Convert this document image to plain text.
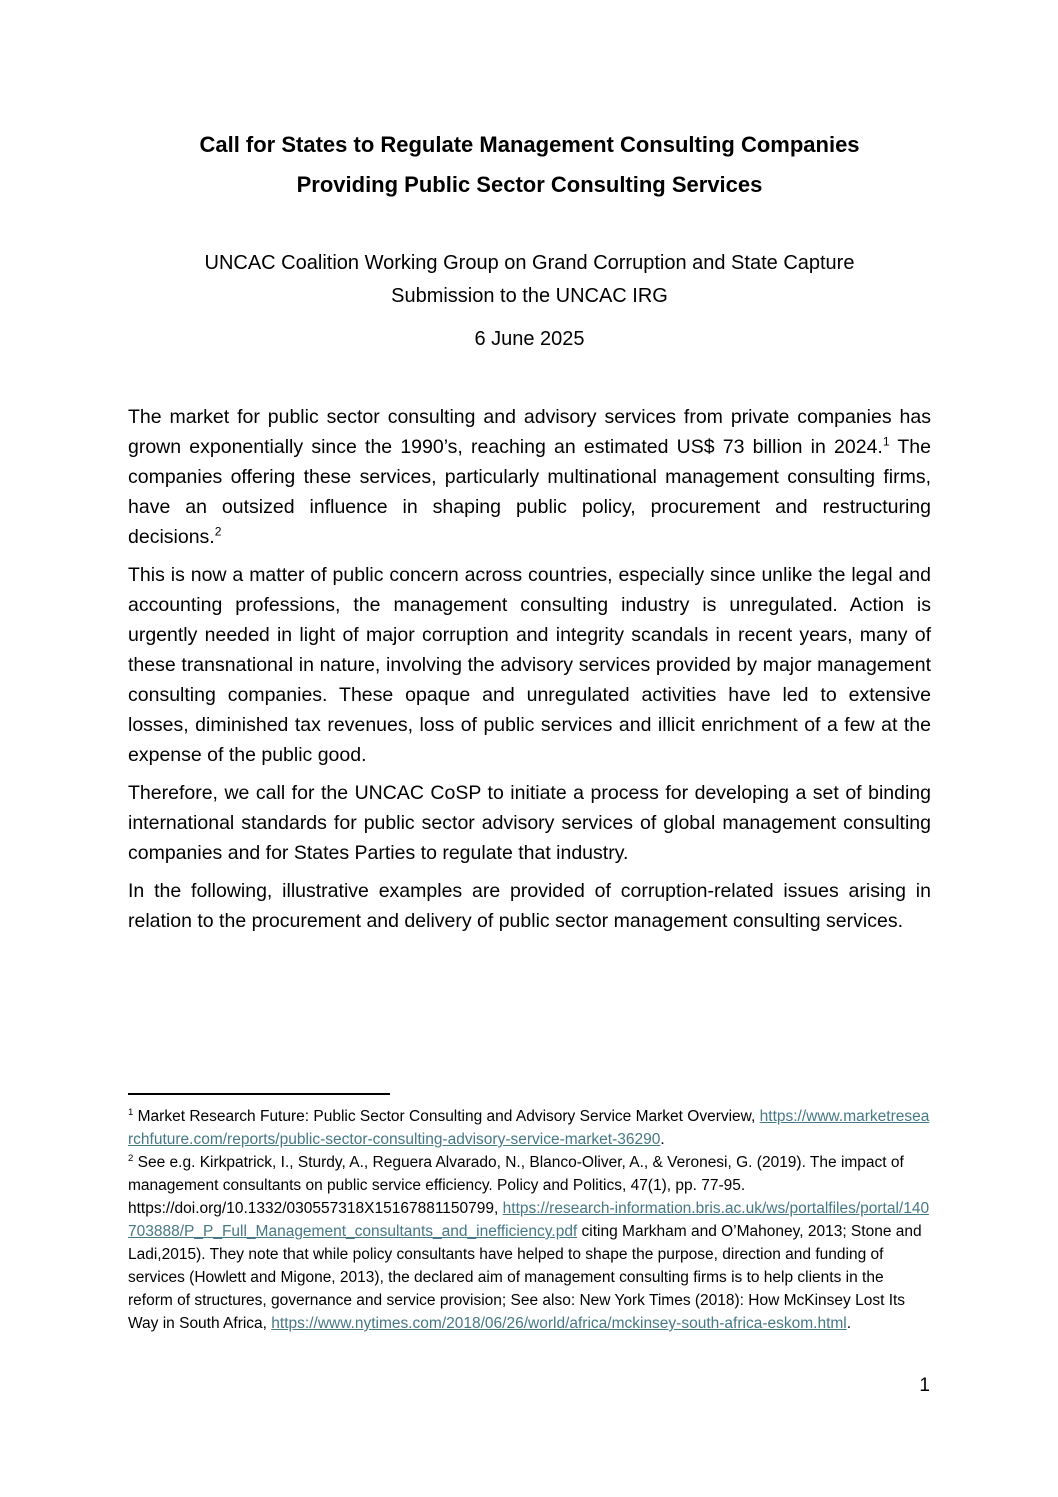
Call for States to Regulate Management Consulting Companies
Providing Public Sector Consulting Services
UNCAC Coalition Working Group on Grand Corruption and State Capture
Submission to the UNCAC IRG
6 June 2025

The market for public sector consulting and advisory services from private companies has grown exponentially since the 1990’s, reaching an estimated US$ 73 billion in 2024.$^1$ The companies offering these services, particularly multinational management consulting firms, have an outsized influence in shaping public policy, procurement and restructuring decisions.$^2$

This is now a matter of public concern across countries, especially since unlike the legal and accounting professions, the management consulting industry is unregulated. Action is urgently needed in light of major corruption and integrity scandals in recent years, many of these transnational in nature, involving the advisory services provided by major management consulting companies. These opaque and unregulated activities have led to extensive losses, diminished tax revenues, loss of public services and illicit enrichment of a few at the expense of the public good.

Therefore, we call for the UNCAC CoSP to initiate a process for developing a set of binding international standards for public sector advisory services of global management consulting companies and for States Parties to regulate that industry.

In the following, illustrative examples are provided of corruption-related issues arising in relation to the procurement and delivery of public sector management consulting services.

$^1$ Market Research Future: Public Sector Consulting and Advisory Service Market Overview, https://www.marketresearchfuture.com/reports/public-sector-consulting-advisory-service-market-36290.

$^2$ See e.g. Kirkpatrick, I., Sturdy, A., Reguera Alvarado, N., Blanco-Oliver, A., & Veronesi, G. (2019). The impact of management consultants on public service efficiency. Policy and Politics, 47(1), pp. 77-95. https://doi.org/10.1332/030557318X15167881150799, https://research-information.bris.ac.uk/ws/portalfiles/portal/140703888/P_P_Full_Management_consultants_and_inefficiency.pdf citing Markham and O’Mahoney, 2013; Stone and Ladi,2015). They note that while policy consultants have helped to shape the purpose, direction and funding of services (Howlett and Migone, 2013), the declared aim of management consulting firms is to help clients in the reform of structures, governance and service provision; See also: New York Times (2018): How McKinsey Lost Its Way in South Africa, https://www.nytimes.com/2018/06/26/world/africa/mckinsey-south-africa-eskom.html.

1
